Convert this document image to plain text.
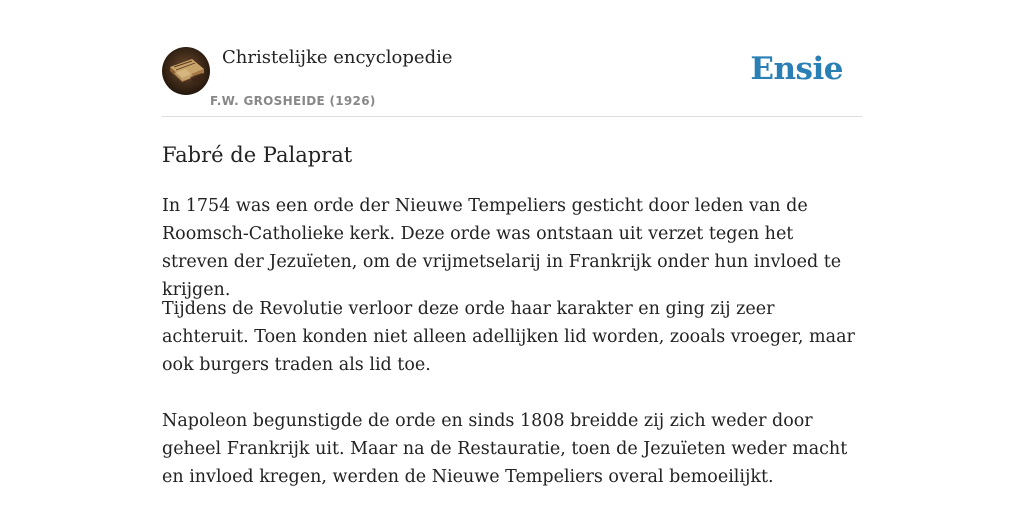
Christelijke encyclopedie
F.W. GROSHEIDE (1926)
Ensie
Fabré de Palaprat

In 1754 was een orde der Nieuwe Tempeliers gesticht door leden van de Roomsch-Catholieke kerk. Deze orde was ontstaan uit verzet tegen het streven der Jezuïeten, om de vrijmetselarij in Frankrijk onder hun invloed te krijgen.

Tijdens de Revolutie verloor deze orde haar karakter en ging zij zeer achteruit. Toen konden niet alleen adellijken lid worden, zooals vroeger, maar ook burgers traden als lid toe.

Napoleon begunstigde de orde en sinds 1808 breidde zij zich weder door geheel Frankrijk uit. Maar na de Restauratie, toen de Jezuïeten weder macht en invloed kregen, werden de Nieuwe Tempeliers overal bemoeilijkt.
